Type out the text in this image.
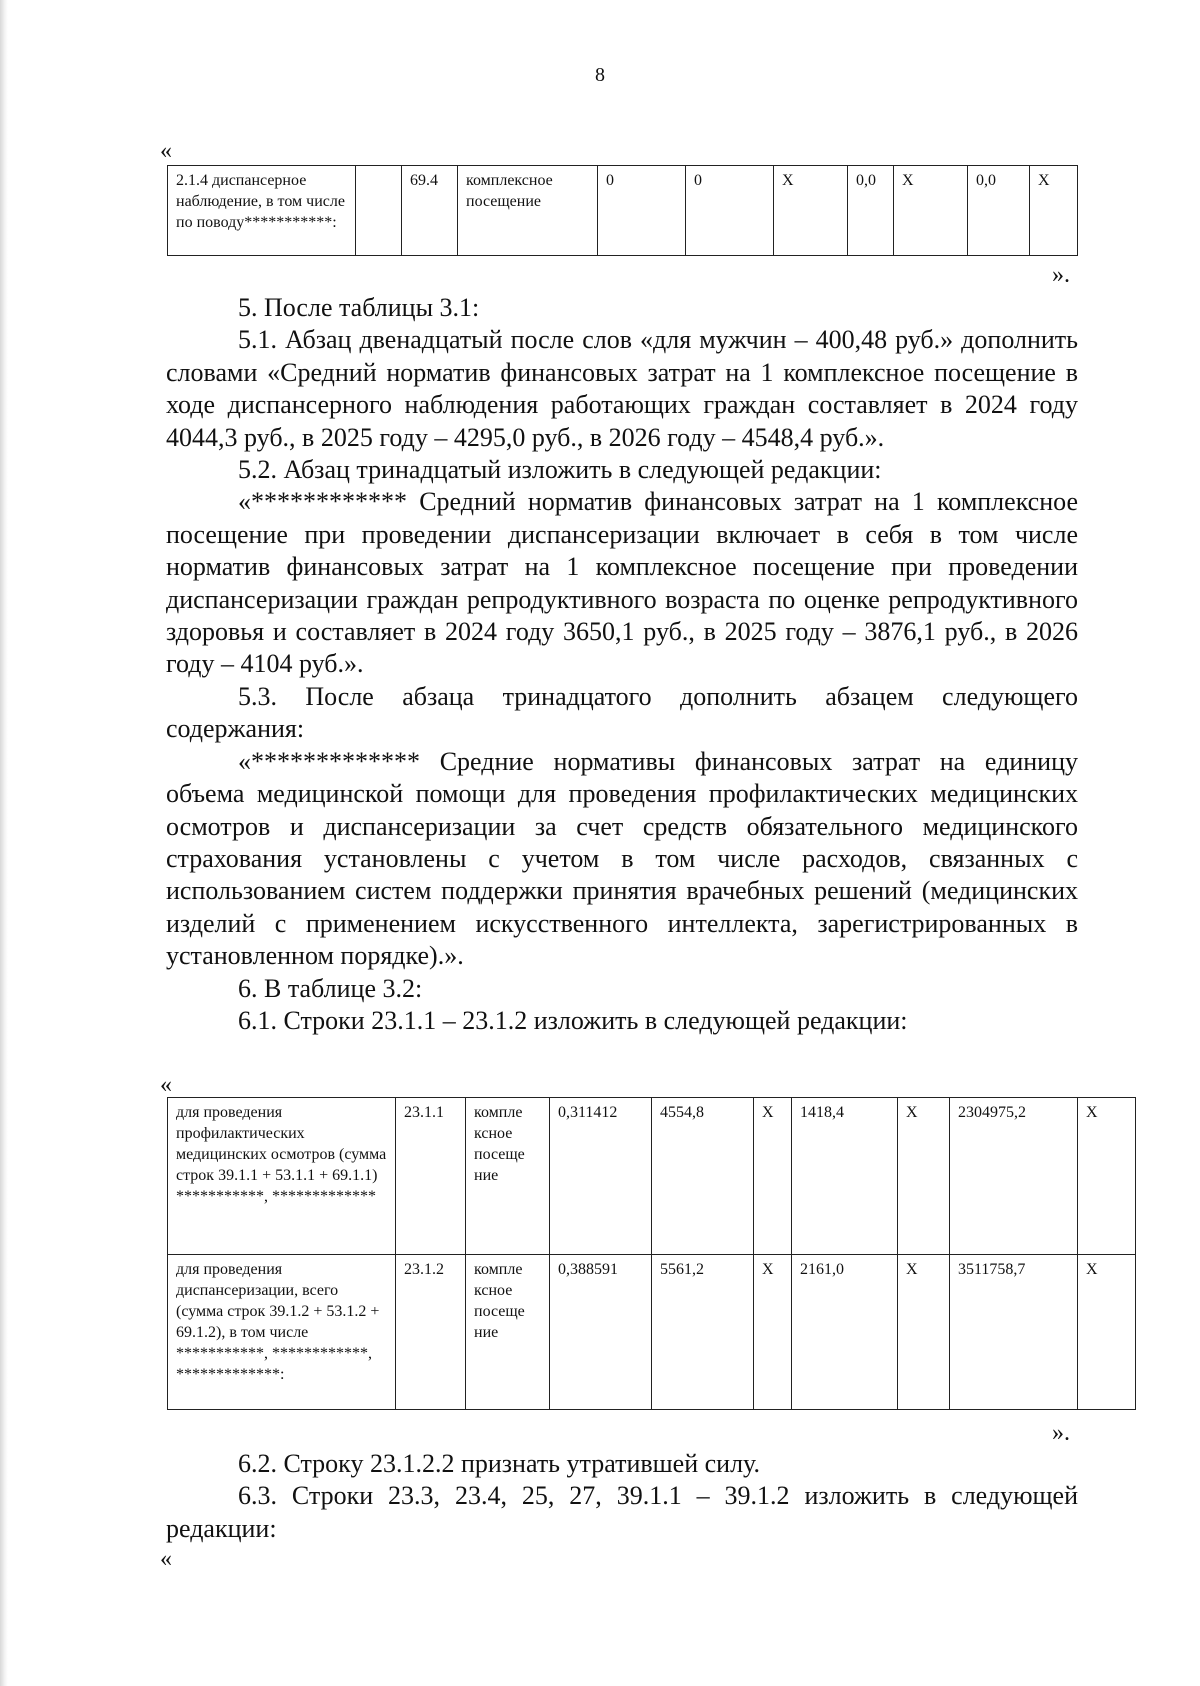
8
«
2.1.4 диспансерное наблюдение, в том числе по поводу***********:		69.4	комплексное посещение	0	0	Х	0,0	Х	0,0	Х
».

5. После таблицы 3.1:

5.1. Абзац двенадцатый после слов «для мужчин – 400,48 руб.» дополнить словами «Средний норматив финансовых затрат на 1 комплексное посещение в ходе диспансерного наблюдения работающих граждан составляет в 2024 году 4044,3 руб., в 2025 году – 4295,0 руб., в 2026 году – 4548,4 руб.».

5.2. Абзац тринадцатый изложить в следующей редакции:

«************ Средний норматив финансовых затрат на 1 комплексное посещение при проведении диспансеризации включает в себя в том числе норматив финансовых затрат на 1 комплексное посещение при проведении диспансеризации граждан репродуктивного возраста по оценке репродуктивного здоровья и составляет в 2024 году 3650,1 руб., в 2025 году – 3876,1 руб., в 2026 году – 4104 руб.».

5.3. После абзаца тринадцатого дополнить абзацем следующего содержания:

«************* Средние нормативы финансовых затрат на единицу объема медицинской помощи для проведения профилактических медицинских осмотров и диспансеризации за счет средств обязательного медицинского страхования установлены с учетом в том числе расходов, связанных с использованием систем поддержки принятия врачебных решений (медицинских изделий с применением искусственного интеллекта, зарегистрированных в установленном порядке).».

6. В таблице 3.2:

6.1. Строки 23.1.1 – 23.1.2 изложить в следующей редакции:

«
для проведения профилактических медицинских осмотров (сумма строк 39.1.1 + 53.1.1 + 69.1.1) ***********, *************	23.1.1	компле ксное посеще ние	0,311412	4554,8	Х	1418,4	Х	2304975,2	Х
для проведения диспансеризации, всего (сумма строк 39.1.2 + 53.1.2 + 69.1.2), в том числе ***********, ************, *************:	23.1.2	компле ксное посеще ние	0,388591	5561,2	Х	2161,0	Х	3511758,7	Х
».

6.2. Строку 23.1.2.2 признать утратившей силу.

6.3. Строки 23.3, 23.4, 25, 27, 39.1.1 – 39.1.2 изложить в следующей редакции:

«
